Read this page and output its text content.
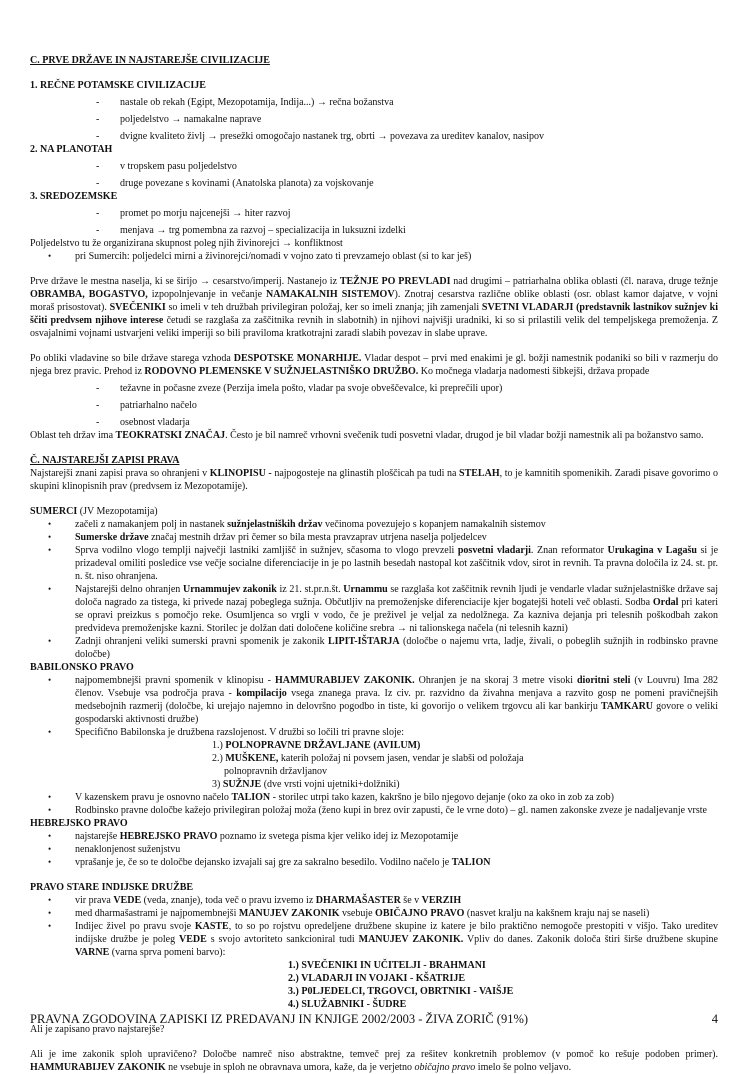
C. PRVE DRŽAVE IN NAJSTAREJŠE CIVILIZACIJE
1. REČNE POTAMSKE CIVILIZACIJE
- nastale ob rekah (Egipt, Mezopotamija, Indija...) → rečna božanstva
- poljedelstvo → namakalne naprave
- dvigne kvaliteto življ → presežki omogočajo nastanek trg, obrti → povezava za ureditev kanalov, nasipov
2. NA PLANOTAH
- v tropskem pasu poljedelstvo
- druge povezane s kovinami (Anatolska planota) za vojskovanje
3. SREDOZEMSKE
- promet po morju najcenejši → hiter razvoj
- menjava → trg pomembna za razvoj – specializacija in luksuzni izdelki
Poljedelstvo tu že organizirana skupnost poleg njih živinorejci → konfliktnost
• pri Sumercih: poljedelci mirni a živinorejci/nomadi v vojno zato ti prevzamejo oblast (si to kar ješ)
Prve države le mestna naselja, ki se širijo → cesarstvo/imperij. Nastanejo iz TEŽNJE PO PREVLADI nad drugimi – patriarhalna oblika oblasti (čl. narava, druge težnje OBRAMBA, BOGASTVO, izpopolnjevanje in večanje NAMAKALNIH SISTEMOV). Znotraj cesarstva različne oblike oblasti (osr. oblast kamor dajatve, v vojni moraš prisostovat). SVEČENIKI so imeli v teh družbah privilegiran položaj, ker so imeli znanja; jih zamenjali SVETNI VLADARJI (predstavnik lastnikov sužnjev ki ščiti predvsem njihove interese četudi se razglaša za zaščitnika revnih in slabotnih) in njihovi najvišji uradniki, ki so si prilastili velik del tempeljskega premoženja. Z osvajalnimi vojnami ustvarjeni veliki imperiji so bili praviloma kratkotrajni zaradi slabih povezav in slabe uprave.
Po obliki vladavine so bile države starega vzhoda DESPOTSKE MONARHIJE. Vladar despot – prvi med enakimi je gl. božji namestnik podaniki so bili v razmerju do njega brez pravic. Prehod iz RODOVNO PLEMENSKE V SUŽNJELASTNIŠKO DRUŽBO. Ko močnega vladarja nadomesti šibkejši, država propade
- težavne in počasne zveze (Perzija imela pošto, vladar pa svoje obveščevalce, ki preprečili upor)
- patriarhalno načelo
- osebnost vladarja
Oblast teh držav ima TEOKRATSKI ZNAČAJ. Često je bil namreč vrhovni svečenik tudi posvetni vladar, drugod je bil vladar božji namestnik ali pa božanstvo samo.
Č. NAJSTAREJŠI ZAPISI PRAVA
Najstarejši znani zapisi prava so ohranjeni v KLINOPISU - najpogosteje na glinastih ploščicah pa tudi na STELAH, to je kamnitih spomenikih. Zaradi pisave govorimo o skupini klinopisnih prav (predvsem iz Mezopotamije).
SUMERCI (JV Mezopotamija)
• začeli z namakanjem polj in nastanek sužnjelastniških držav večinoma povezujejo s kopanjem namakalnih sistemov
• Sumerske države značaj mestnih držav pri čemer so bila mesta pravzaprav utrjena naselja poljedelcev
• Sprva vodilno vlogo templji največji lastniki zamljišč in sužnjev, sčasoma to vlogo prevzeli posvetni vladarji. Znan reformator Urukagina v Lagašu si je prizadeval omiliti posledice vse večje socialne diferenciacije in je po lastnih besedah nastopal kot zaščitnik vdov, sirot in revnih. Ta pravna določila iz 24. st. pr. n. št. niso ohranjena.
• Najstarejši delno ohranjen Urnammujev zakonik iz 21. st.pr.n.št. Urnammu se razglaša kot zaščitnik revnih ljudi je vendarle vladar sužnjelastniške države saj določa nagrado za tistega, ki privede nazaj pobeglega sužnja. Občutljiv na premoženjske diferenciacije kjer bogatejši hoteli več oblasti. Sodba Ordal pri kateri se opravi preizkus s pomočjo reke. Osumljenca so vrgli v vodo, če je preživel je veljal za nedolžnega. Za kazniva dejanja pri telesnih poškodbah zakon predvideva premoženjske kazni. Storilec je dolžan dati določene količine srebra → ni talionskega načela (ni telesnih kazni)
• Zadnji ohranjeni veliki sumerski pravni spomenik je zakonik LIPIT-IŠTARJA (določbe o najemu vrta, ladje, živali, o pobeglih sužnjih in rodbinsko pravne določbe)
BABILONSKO PRAVO
• najpomembnejši pravni spomenik v klinopisu - HAMMURABIJEV ZAKONIK. Ohranjen je na skoraj 3 metre visoki dioritni steli (v Louvru) Ima 282 členov. Vsebuje vsa področja prava - kompilacijo vsega znanega prava. Iz civ. pr. razvidno da živahna menjava a razvito gosp ne pomeni pravičnejših medsebojnih razmerij (določbe, ki urejajo najemno in delovršno pogodbo in tiste, ki govorijo o velikem trgovcu ali kar bankirju TAMKARU govore o veliki gospodarski aktivnosti družbe)
• Specifično Babilonska je družbena razslojenost. V družbi so ločili tri pravne sloje:
1.) POLNOPRAVNE DRŽAVLJANE (AVILUM)
2.) MUŠKENE, katerih položaj ni povsem jasen, vendar je slabši od položaja
polnopravnih državljanov
3) SUŽNJE (dve vrsti vojni ujetniki+dolžniki)
• V kazenskem pravu je osnovno načelo TALION - storilec utrpi tako kazen, kakršno je bilo njegovo dejanje (oko za oko in zob za zob)
• Rodbinsko pravne določbe kažejo privilegiran položaj moža (ženo kupi in brez ovir zapusti, če le vrne doto) – gl. namen zakonske zveze je nadaljevanje vrste
HEBREJSKO PRAVO
• najstarejše HEBREJSKO PRAVO poznamo iz svetega pisma kjer veliko idej iz Mezopotamije
• nenaklonjenost suženjstvu
• vprašanje je, če so te določbe dejansko izvajali saj gre za sakralno besedilo. Vodilno načelo je TALION
PRAVO STARE INDIJSKE DRUŽBE
• vir prava VEDE (veda, znanje), toda več o pravu izvemo iz DHARMAŠASTER še v VERZIH
• med dharmašastrami je najpomembnejši MANUJEV ZAKONIK vsebuje OBIČAJNO PRAVO (nasvet kralju na kakšnem kraju naj se naseli)
• Indijec živel po pravu svoje KASTE, to so po rojstvu opredeljene družbene skupine iz katere je bilo praktično nemogoče prestopiti v višjo. Tako ureditev indijske družbe je poleg VEDE s svojo avtoriteto sankcioniral tudi MANUJEV ZAKONIK. Vpliv do danes. Zakonik določa štiri širše družbene skupine VARNE (varna sprva pomeni barvo):
1.) SVEČENIKI IN UČITELJI - BRAHMANI
2.) VLADARJI IN VOJAKI - KŠATRIJE
3.) P0LJEDELCI, TRGOVCI, OBRTNIKI - VAIŠJE
4.) SLUŽABNIKI - ŠUDRE
Ali je zapisano pravo najstarejše?
Ali je ime zakonik sploh upravičeno? Določbe namreč niso abstraktne, temveč prej za rešitev konkretnih problemov (v pomoč ko rešuje podoben primer). HAMMURABIJEV ZAKONIK ne vsebuje in sploh ne obravnava umora, kaže, da je verjetno običajno pravo imelo še polno veljavo.
PRAVNA ZGODOVINA ZAPISKI IZ PREDAVANJ IN KNJIGE 2002/2003 - ŽIVA ZORIČ (91%)	4
